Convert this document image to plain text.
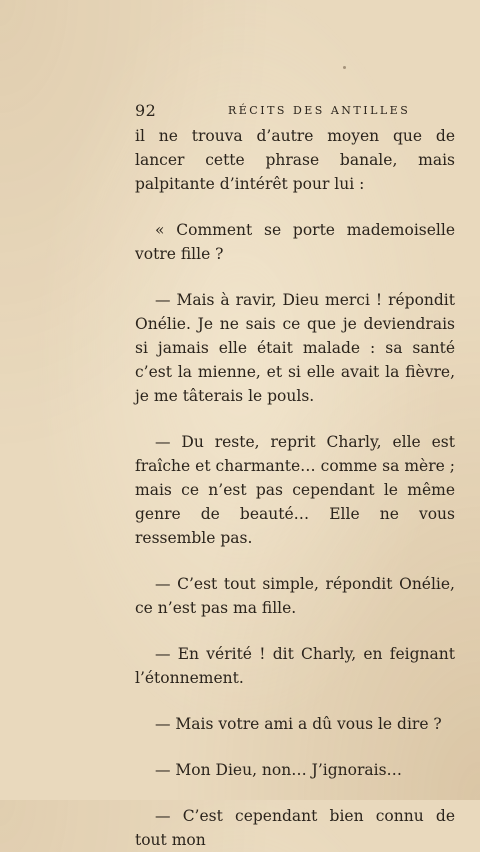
92	RÉCITS DES ANTILLES

il ne trouva d’autre moyen que de lancer cette phrase banale, mais palpitante d’intérêt pour lui :

« Comment se porte mademoiselle votre fille ?

— Mais à ravir, Dieu merci ! répondit Onélie. Je ne sais ce que je deviendrais si jamais elle était malade : sa santé c’est la mienne, et si elle avait la fièvre, je me tâterais le pouls.

— Du reste, reprit Charly, elle est fraîche et charmante… comme sa mère ; mais ce n’est pas cependant le même genre de beauté… Elle ne vous ressemble pas.

— C’est tout simple, répondit Onélie, ce n’est pas ma fille.

— En vérité ! dit Charly, en feignant l’étonnement.

— Mais votre ami a dû vous le dire ?

— Mon Dieu, non… J’ignorais…

— C’est cependant bien connu de tout mon
